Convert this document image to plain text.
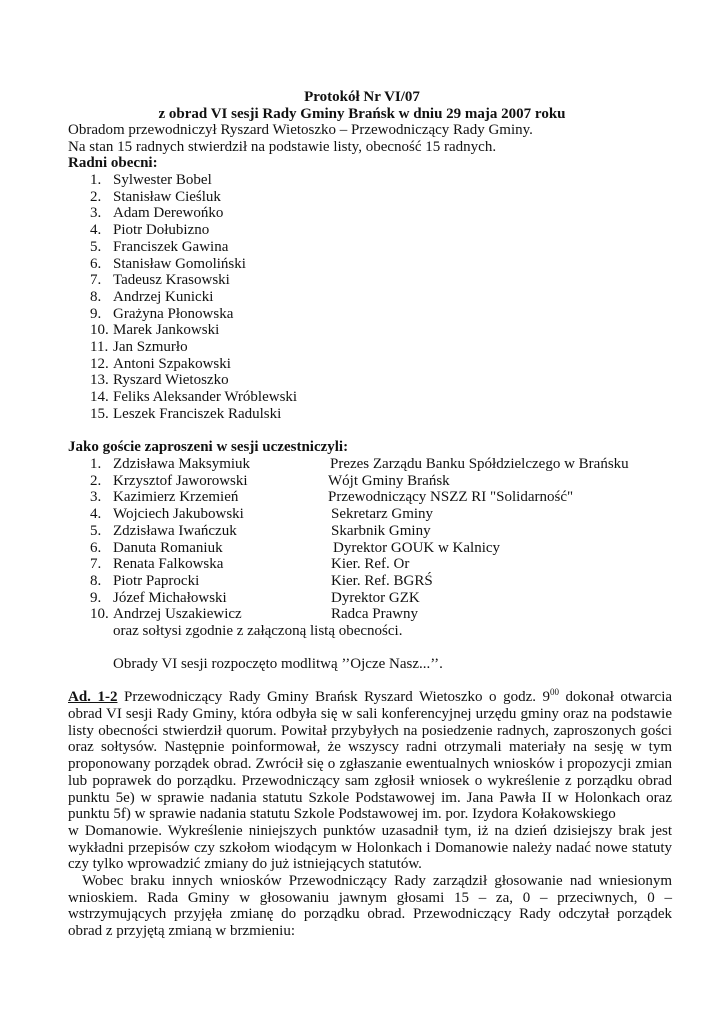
Protokół Nr VI/07
z obrad VI sesji Rady Gminy Brańsk w dniu 29 maja 2007 roku
Obradom przewodniczył Ryszard Wietoszko – Przewodniczący Rady Gminy.
Na stan 15 radnych stwierdził na podstawie listy, obecność 15 radnych.
Radni obecni:
1. Sylwester Bobel
2. Stanisław Cieśluk
3. Adam Derewońko
4. Piotr Dołubizno
5. Franciszek Gawina
6. Stanisław Gomoliński
7. Tadeusz Krasowski
8. Andrzej Kunicki
9. Grażyna Płonowska
10. Marek Jankowski
11. Jan Szmurło
12. Antoni Szpakowski
13. Ryszard Wietoszko
14. Feliks Aleksander Wróblewski
15. Leszek Franciszek Radulski
Jako goście zaproszeni w sesji uczestniczyli:
1. Zdzisława Maksymiuk	Prezes Zarządu Banku Spółdzielczego w Brańsku
2. Krzysztof Jaworowski	Wójt Gminy Brańsk
3. Kazimierz Krzemień	Przewodniczący NSZZ RI "Solidarność"
4. Wojciech Jakubowski	Sekretarz Gminy
5. Zdzisława Iwańczuk	Skarbnik Gminy
6. Danuta Romaniuk	Dyrektor GOUK w Kalnicy
7. Renata Falkowska	Kier. Ref. Or
8. Piotr Paprocki	Kier. Ref. BGRŚ
9. Józef Michałowski	Dyrektor GZK
10. Andrzej Uszakiewicz	Radca Prawny
oraz sołtysi zgodnie z załączoną listą obecności.
Obrady VI sesji rozpoczęto modlitwą ’’Ojcze Nasz...’’.
Ad. 1-2 Przewodniczący Rady Gminy Brańsk Ryszard Wietoszko o godz. $9^{00}$ dokonał otwarcia
obrad VI sesji Rady Gminy, która odbyła się w sali konferencyjnej urzędu gminy oraz na podstawie
listy obecności stwierdził quorum. Powitał przybyłych na posiedzenie radnych, zaproszonych gości
oraz sołtysów. Następnie poinformował, że wszyscy radni otrzymali materiały na sesję w tym
proponowany porządek obrad. Zwrócił się o zgłaszanie ewentualnych wniosków i propozycji zmian
lub poprawek do porządku. Przewodniczący sam zgłosił wniosek o wykreślenie z porządku obrad
punktu 5e) w sprawie nadania statutu Szkole Podstawowej im. Jana Pawła II w Holonkach oraz
punktu 5f) w sprawie nadania statutu Szkole Podstawowej im. por. Izydora Kołakowskiego
w Domanowie. Wykreślenie niniejszych punktów uzasadnił tym, iż na dzień dzisiejszy brak jest
wykładni przepisów czy szkołom wiodącym w Holonkach i Domanowie należy nadać nowe statuty
czy tylko wprowadzić zmiany do już istniejących statutów.
Wobec braku innych wniosków Przewodniczący Rady zarządził głosowanie nad wniesionym
wnioskiem. Rada Gminy w głosowaniu jawnym głosami 15 – za, 0 – przeciwnych, 0 –
wstrzymujących przyjęła zmianę do porządku obrad. Przewodniczący Rady odczytał porządek
obrad z przyjętą zmianą w brzmieniu:
